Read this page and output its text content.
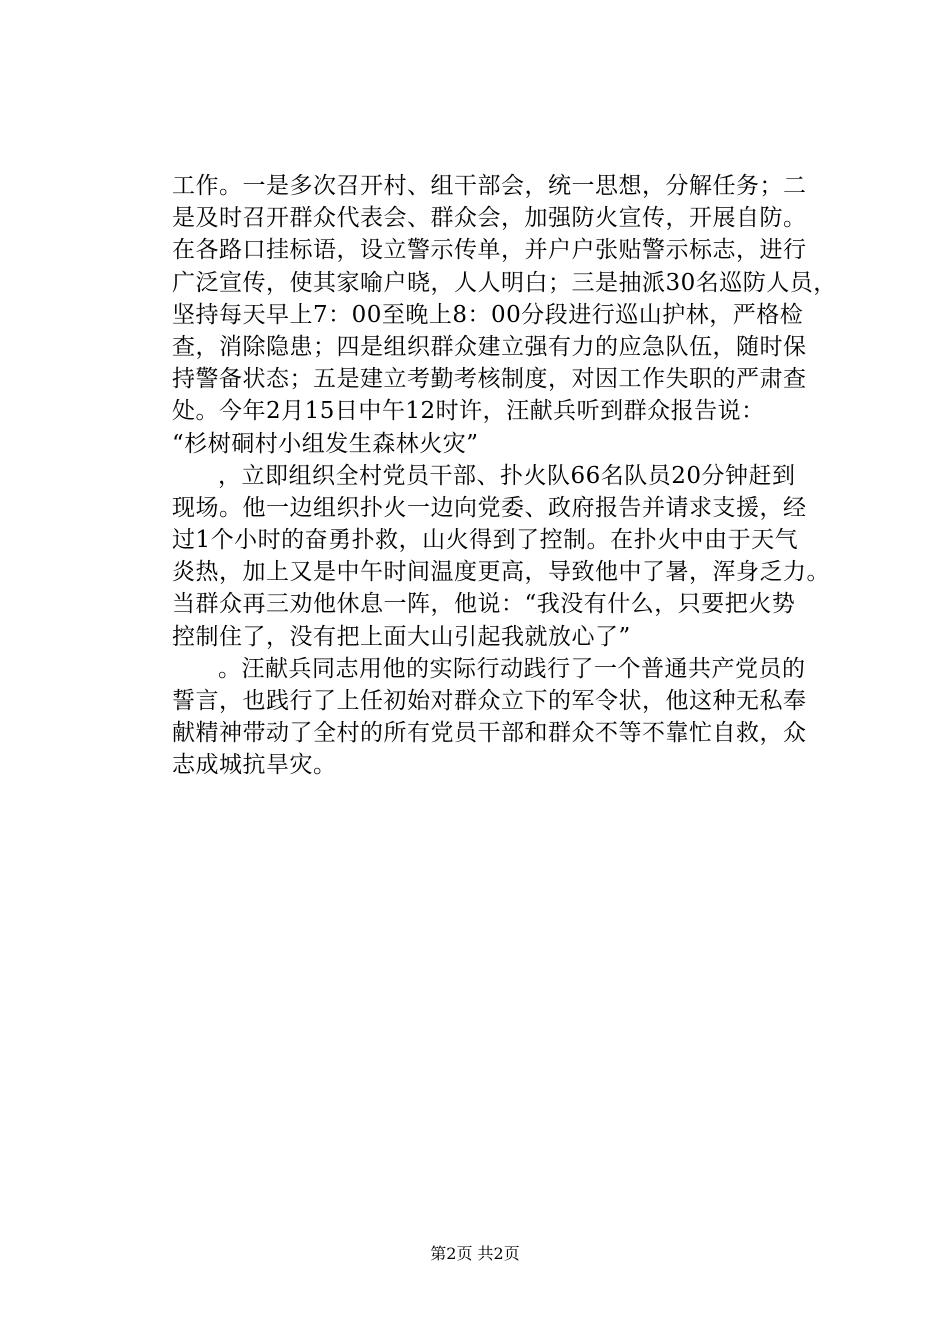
工作。一是多次召开村、组干部会，统一思想，分解任务；二
是及时召开群众代表会、群众会，加强防火宣传，开展自防。
在各路口挂标语，设立警示传单，并户户张贴警示标志，进行
广泛宣传，使其家喻户晓，人人明白；三是抽派30名巡防人员，
坚持每天早上7：00至晚上8：00分段进行巡山护林，严格检
查，消除隐患；四是组织群众建立强有力的应急队伍，随时保
持警备状态；五是建立考勤考核制度，对因工作失职的严肃查
处。今年2月15日中午12时许，汪献兵听到群众报告说：
“杉树硐村小组发生森林火灾”
，立即组织全村党员干部、扑火队66名队员20分钟赶到
现场。他一边组织扑火一边向党委、政府报告并请求支援，经
过1个小时的奋勇扑救，山火得到了控制。在扑火中由于天气
炎热，加上又是中午时间温度更高，导致他中了暑，浑身乏力。
当群众再三劝他休息一阵，他说：“我没有什么，只要把火势
控制住了，没有把上面大山引起我就放心了”
。汪献兵同志用他的实际行动践行了一个普通共产党员的
誓言，也践行了上任初始对群众立下的军令状，他这种无私奉
献精神带动了全村的所有党员干部和群众不等不靠忙自救，众
志成城抗旱灾。
第2页 共2页
